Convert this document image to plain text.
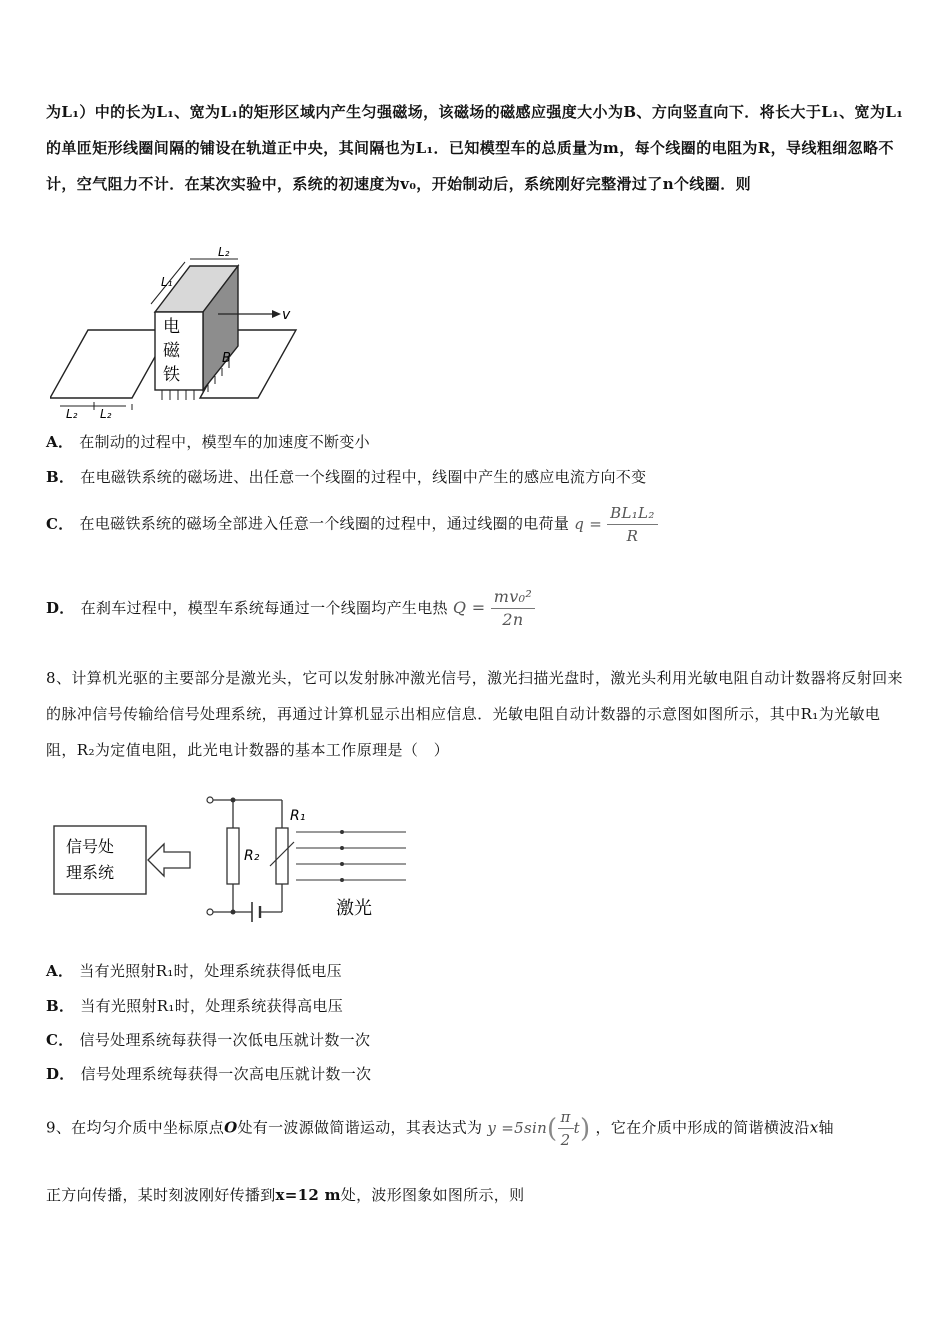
为L₁）中的长为L₁、宽为L₁的矩形区域内产生匀强磁场，该磁场的磁感应强度大小为B、方向竖直向下．将长大于L₁、宽为L₁的单匝矩形线圈间隔的铺设在轨道正中央，其间隔也为L₁．已知模型车的总质量为m，每个线圈的电阻为R，导线粗细忽略不计，空气阻力不计．在某次实验中，系统的初速度为v₀，开始制动后，系统刚好完整滑过了n个线圈．则

电
磁
铁
L₁
L₂
v
B
L₂ L₂
A． 在制动的过程中，模型车的加速度不断变小
B． 在电磁铁系统的磁场进、出任意一个线圈的过程中，线圈中产生的感应电流方向不变
C． 在电磁铁系统的磁场全部进入任意一个线圈的过程中，通过线圈的电荷量 $q = \frac{\text{BL₁L₂}}{R}$
D． 在刹车过程中，模型车系统每通过一个线圈均产生电热 $Q = \frac{\text{mv₀²}}{2n}$

8、计算机光驱的主要部分是激光头，它可以发射脉冲激光信号，激光扫描光盘时，激光头利用光敏电阻自动计数器将反射回来的脉冲信号传输给信号处理系统，再通过计算机显示出相应信息．光敏电阻自动计数器的示意图如图所示，其中R₁为光敏电阻，R₂为定值电阻，此光电计数器的基本工作原理是（　）

信号处
理系统
R₁
R₂
激光
A． 当有光照射R₁时，处理系统获得低电压
B． 当有光照射R₁时，处理系统获得高电压
C． 信号处理系统每获得一次低电压就计数一次
D． 信号处理系统每获得一次高电压就计数一次
9、在均匀介质中坐标原点O处有一波源做简谐运动，其表达式为 $y =5\sin( \frac{\pi}{2} t)$ ，它在介质中形成的简谐横波沿x轴
正方向传播，某时刻波刚好传播到x=12 m处，波形图象如图所示，则
